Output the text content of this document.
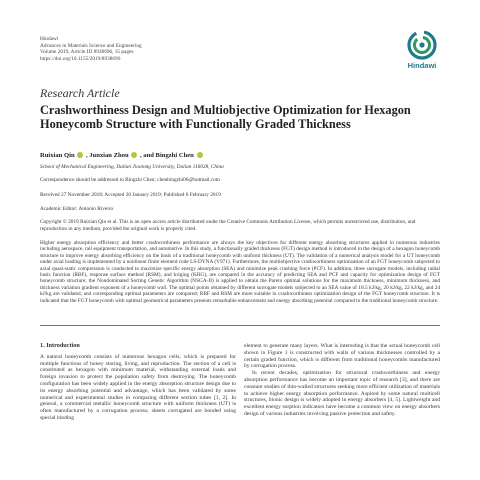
Hindawi
Advances in Materials Science and Engineering
Volume 2019, Article ID 8938696, 15 pages
https://doi.org/10.1155/2019/8938696
Hindawi
Research Article
Crashworthiness Design and Multiobjective Optimization for Hexagon Honeycomb Structure with Functionally Graded Thickness
Ruixian Qin , Junxian Zhou , and Bingzhi Chen
School of Mechanical Engineering, Dalian Jiaotong University, Dalian 116028, China
Correspondence should be addressed to Bingzhi Chen; chenbingzhi06@hotmail.com
Received 27 November 2018; Accepted 20 January 2019; Published 6 February 2019
Academic Editor: Antonio Riveiro
Copyright © 2019 Ruixian Qin et al. This is an open access article distributed under the Creative Commons Attribution License, which permits unrestricted use, distribution, and reproduction in any medium, provided the original work is properly cited.
Higher energy absorption efficiency and better crashworthiness performance are always the key objectives for different energy absorbing structures applied in numerous industries including aerospace, rail equipment transportation, and automotive. In this study, a functionally graded thickness (FGT) design method is introduced in the design of a hexagon honeycomb structure to improve energy absorbing efficiency on the basis of a traditional honeycomb with uniform thickness (UT). The validation of a numerical analysis model for a UT honeycomb under axial loading is implemented by a nonlinear finite element code LS-DYNA (V971). Furthermore, the multiobjective crashworthiness optimization of an FGT honeycomb subjected to axial quasi-static compression is conducted to maximize specific energy absorption (SEA) and minimize peak crashing force (PCF). In addition, three surrogate models, including radial basis function (RBF), response surface method (RSM), and kriging (KRG), are compared in the accuracy of predicting SEA and PCF and capacity for optimization design of FGT honeycomb structure; the Nondominated Sorting Genetic Algorithm (NSGA-II) is applied to obtain the Pareto optimal solutions for the maximum thickness, minimum thickness, and thickness variation gradient exponent of a honeycomb wall. The optimal points obtained by different surrogate models subjected to an SEA value of 18.5 kJ/kg, 20 kJ/kg, 22 kJ/kg, and 24 kJ/kg are validated, and corresponding optimal parameters are compared; RBF and RSM are more suitable in crashworthiness optimization design of the FGT honeycomb structure. It is indicated that the FGT honeycomb with optimal geometrical parameters presents remarkable enhancement and energy absorbing potential compared to the traditional honeycomb structure.
1. Introduction

A natural honeycomb consists of numerous hexagon cells, which is prepared for multiple functions of honey storing, living, and reproduction. The section of a cell is constituted as hexagon with minimum material, withstanding external loads and foreign invasion to protect the population safety from destroying. The honeycomb configuration has been widely applied in the energy absorption structure design due to its energy absorbing potential and advantage, which has been validated by some numerical and experimental studies in comparing different section tubes [1, 2]. In general, a commercial metallic honeycomb structure with uniform thickness (UT) is often manufactured by a corrugation process; sheets corrugated are bonded using special binding

element to generate many layers. What is interesting is that the actual honeycomb cell shown in Figure 1 is constructed with walls of various thicknesses controlled by a certain graded function, which is different from traditional honeycombs manufactured by corrugation process.

In recent decades, optimization for structural crashworthiness and energy absorption performance has become an important topic of research [3], and there are constant studies of thin-walled structures seeking more efficient utilization of materials to achieve higher energy absorption performance. Aspired by some natural multicell structures, bionic design is widely adopted in energy absorbers [4, 5]. Lightweight and excellent energy sorption indicators have become a common view on energy absorbers design of various industries involving passive protection and safety.
